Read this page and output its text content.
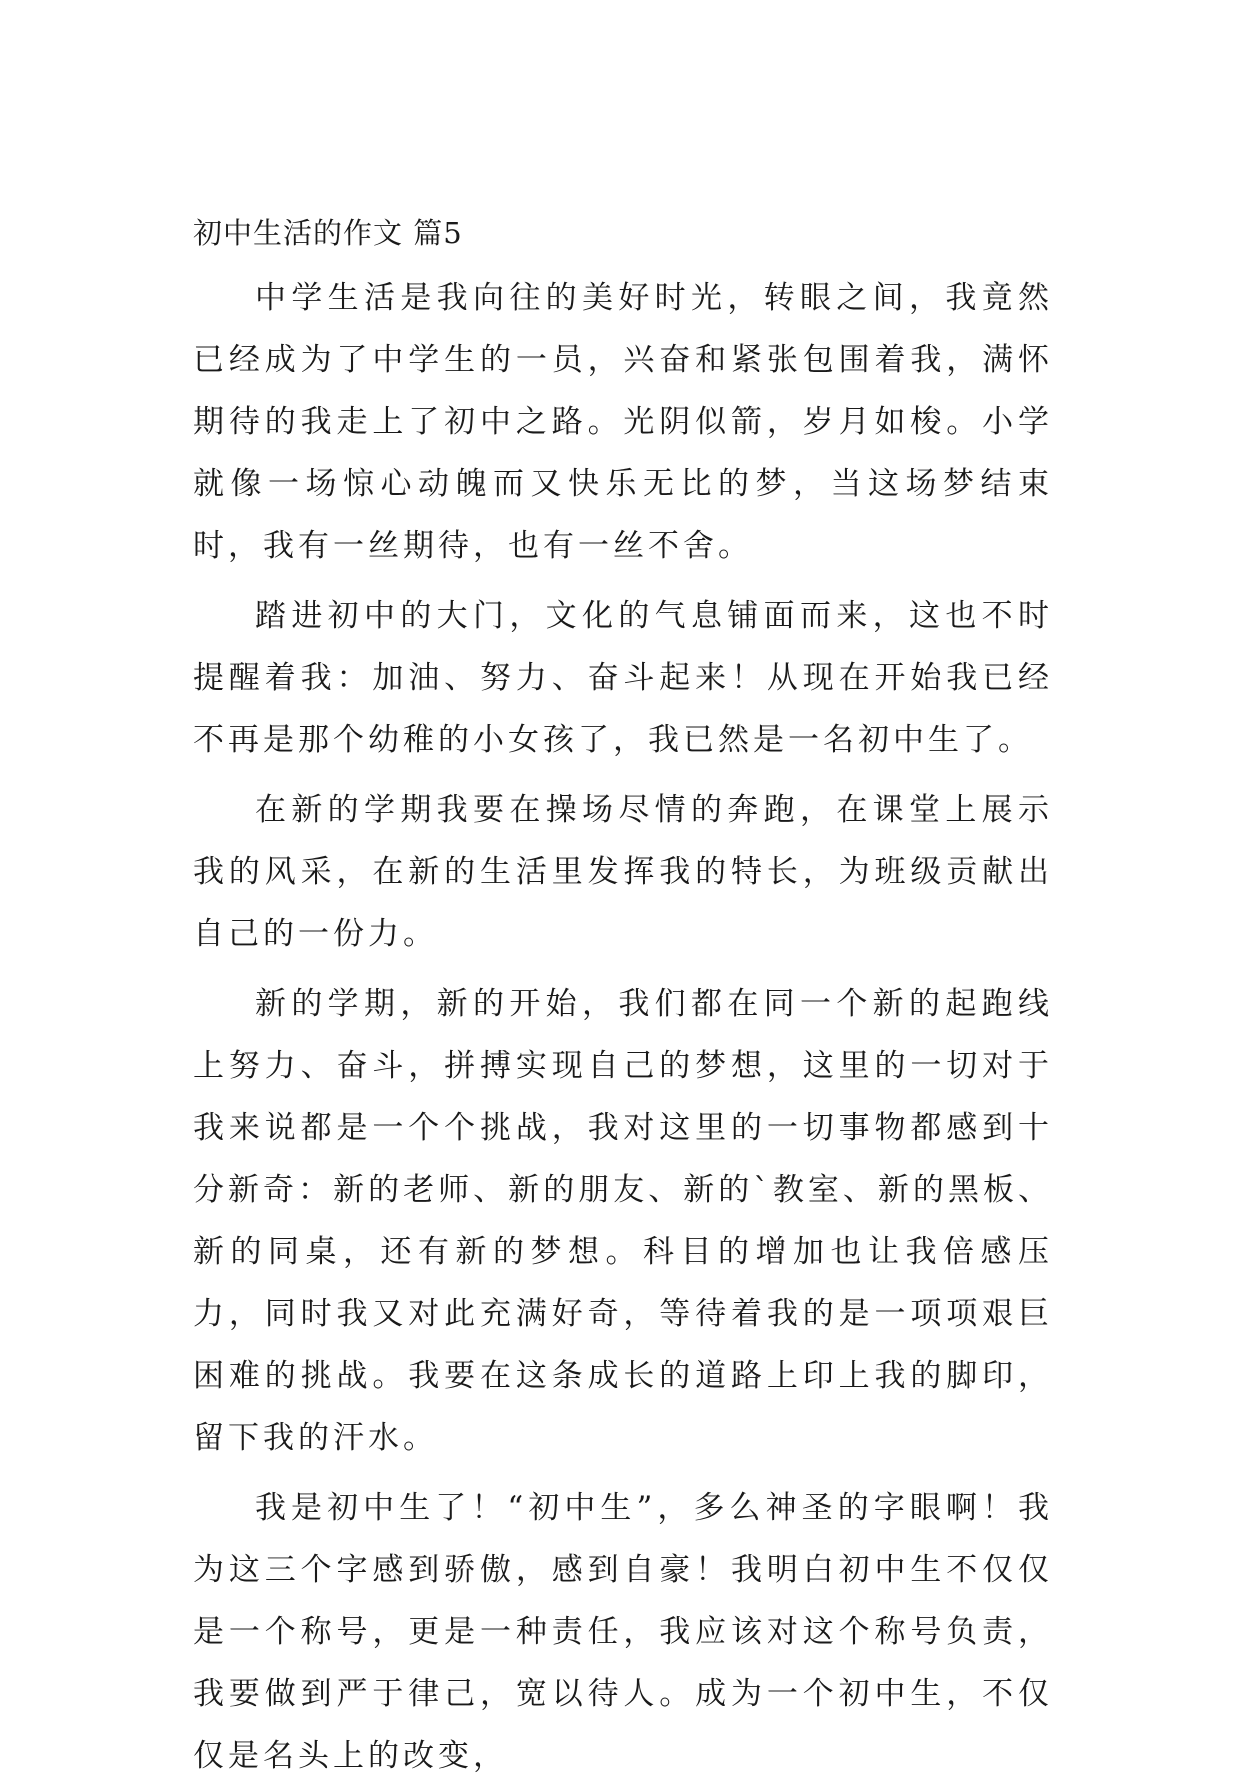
初中生活的作文 篇5

中学生活是我向往的美好时光，转眼之间，我竟然已经成为了中学生的一员，兴奋和紧张包围着我，满怀期待的我走上了初中之路。光阴似箭，岁月如梭。小学就像一场惊心动魄而又快乐无比的梦，当这场梦结束时，我有一丝期待，也有一丝不舍。

踏进初中的大门，文化的气息铺面而来，这也不时提醒着我：加油、努力、奋斗起来！从现在开始我已经不再是那个幼稚的小女孩了，我已然是一名初中生了。

在新的学期我要在操场尽情的奔跑，在课堂上展示我的风采，在新的生活里发挥我的特长，为班级贡献出自己的一份力。

新的学期，新的开始，我们都在同一个新的起跑线上努力、奋斗，拼搏实现自己的梦想，这里的一切对于我来说都是一个个挑战，我对这里的一切事物都感到十分新奇：新的老师、新的朋友、新的`教室、新的黑板、新的同桌，还有新的梦想。科目的增加也让我倍感压力，同时我又对此充满好奇，等待着我的是一项项艰巨困难的挑战。我要在这条成长的道路上印上我的脚印，留下我的汗水。

我是初中生了！“初中生”，多么神圣的字眼啊！我为这三个字感到骄傲，感到自豪！我明白初中生不仅仅是一个称号，更是一种责任，我应该对这个称号负责，我要做到严于律己，宽以待人。成为一个初中生，不仅仅是名头上的改变，
